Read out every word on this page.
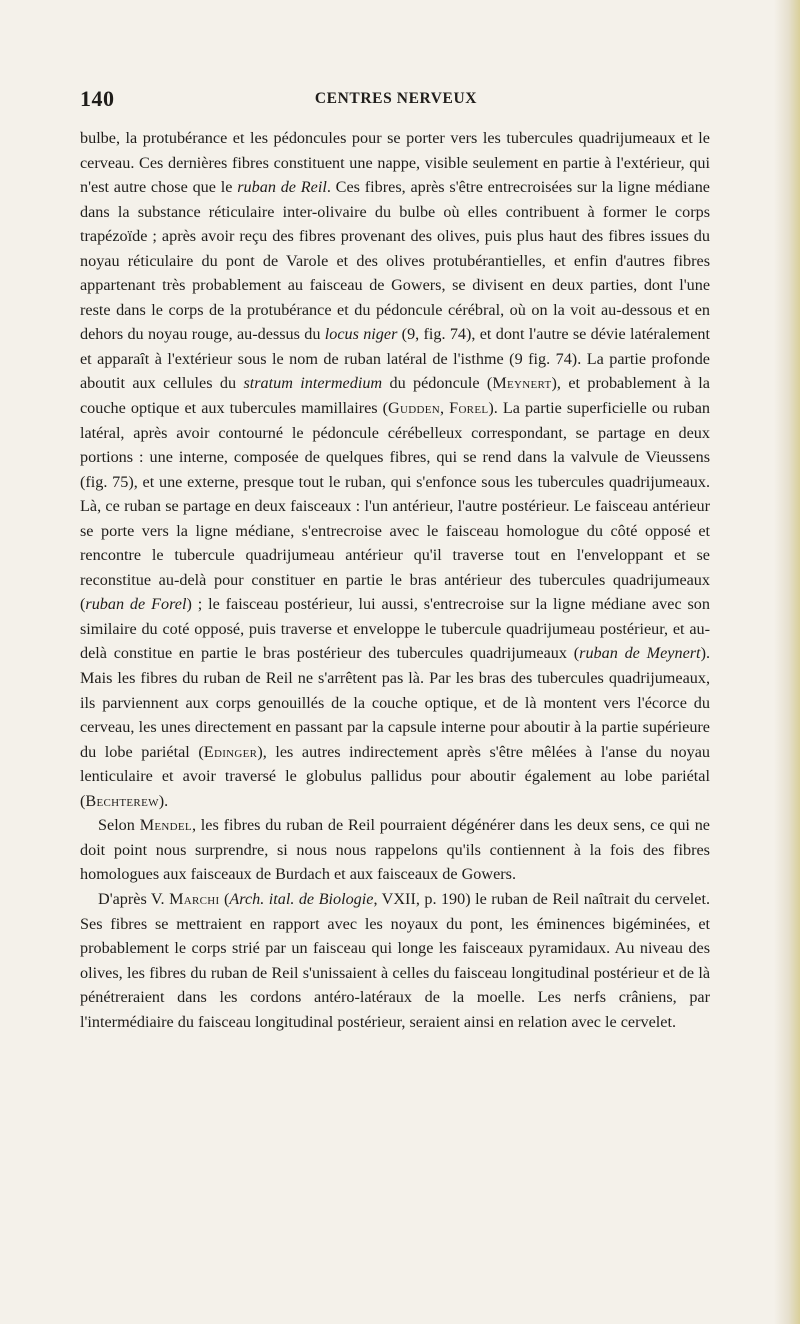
140	CENTRES NERVEUX

bulbe, la protubérance et les pédoncules pour se porter vers les tubercules quadrijumeaux et le cerveau. Ces dernières fibres constituent une nappe, visible seulement en partie à l'extérieur, qui n'est autre chose que le ruban de Reil. Ces fibres, après s'être entrecroisées sur la ligne médiane dans la substance réticulaire inter-olivaire du bulbe où elles contribuent à former le corps trapézoïde ; après avoir reçu des fibres provenant des olives, puis plus haut des fibres issues du noyau réticulaire du pont de Varole et des olives protubérantielles, et enfin d'autres fibres appartenant très probablement au faisceau de Gowers, se divisent en deux parties, dont l'une reste dans le corps de la protubérance et du pédoncule cérébral, où on la voit au-dessous et en dehors du noyau rouge, au-dessus du locus niger (9, fig. 74), et dont l'autre se dévie latéralement et apparaît à l'extérieur sous le nom de ruban latéral de l'isthme (9 fig. 74). La partie profonde aboutit aux cellules du stratum intermedium du pédoncule (Meynert), et probablement à la couche optique et aux tubercules mamillaires (Gudden, Forel). La partie superficielle ou ruban latéral, après avoir contourné le pédoncule cérébelleux correspondant, se partage en deux portions : une interne, composée de quelques fibres, qui se rend dans la valvule de Vieussens (fig. 75), et une externe, presque tout le ruban, qui s'enfonce sous les tubercules quadrijumeaux. Là, ce ruban se partage en deux faisceaux : l'un antérieur, l'autre postérieur. Le faisceau antérieur se porte vers la ligne médiane, s'entrecroise avec le faisceau homologue du côté opposé et rencontre le tubercule quadrijumeau antérieur qu'il traverse tout en l'enveloppant et se reconstitue au-delà pour constituer en partie le bras antérieur des tubercules quadrijumeaux (ruban de Forel) ; le faisceau postérieur, lui aussi, s'entrecroise sur la ligne médiane avec son similaire du coté opposé, puis traverse et enveloppe le tubercule quadrijumeau postérieur, et au-delà constitue en partie le bras postérieur des tubercules quadrijumeaux (ruban de Meynert). Mais les fibres du ruban de Reil ne s'arrêtent pas là. Par les bras des tubercules quadrijumeaux, ils parviennent aux corps genouillés de la couche optique, et de là montent vers l'écorce du cerveau, les unes directement en passant par la capsule interne pour aboutir à la partie supérieure du lobe pariétal (Edinger), les autres indirectement après s'être mêlées à l'anse du noyau lenticulaire et avoir traversé le globulus pallidus pour aboutir également au lobe pariétal (Bechterew).

Selon Mendel, les fibres du ruban de Reil pourraient dégénérer dans les deux sens, ce qui ne doit point nous surprendre, si nous nous rappelons qu'ils contiennent à la fois des fibres homologues aux faisceaux de Burdach et aux faisceaux de Gowers.

D'après V. Marchi (Arch. ital. de Biologie, VXII, p. 190) le ruban de Reil naîtrait du cervelet. Ses fibres se mettraient en rapport avec les noyaux du pont, les éminences bigéminées, et probablement le corps strié par un faisceau qui longe les faisceaux pyramidaux. Au niveau des olives, les fibres du ruban de Reil s'unissaient à celles du faisceau longitudinal postérieur et de là pénétreraient dans les cordons antéro-latéraux de la moelle. Les nerfs crâniens, par l'intermédiaire du faisceau longitudinal postérieur, seraient ainsi en relation avec le cervelet.
